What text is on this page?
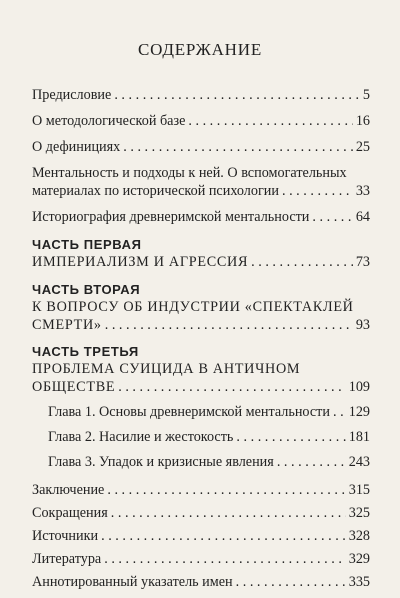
СОДЕРЖАНИЕ
Предисловие . . .	5
О методологической базе . . .	16
О дефинициях . . .	25
Ментальность и подходы к ней. О вспомогательных
материалах по исторической психологии . . .	33
Историография древнеримской ментальности . . .	64
ЧАСТЬ ПЕРВАЯ
ИМПЕРИАЛИЗМ И АГРЕССИЯ . . .	73
ЧАСТЬ ВТОРАЯ
К ВОПРОСУ ОБ ИНДУСТРИИ «СПЕКТАКЛЕЙ
СМЕРТИ» . . .	93
ЧАСТЬ ТРЕТЬЯ
ПРОБЛЕМА СУИЦИДА В АНТИЧНОМ
ОБЩЕСТВЕ . . .	109
Глава 1. Основы древнеримской ментальности . . . 129
Глава 2. Насилие и жестокость . . .	181
Глава 3. Упадок и кризисные явления . . .	243
Заключение . . .	315
Сокращения . . .	325
Источники . . .	328
Литература . . .	329
Аннотированный указатель имен . . .	335
